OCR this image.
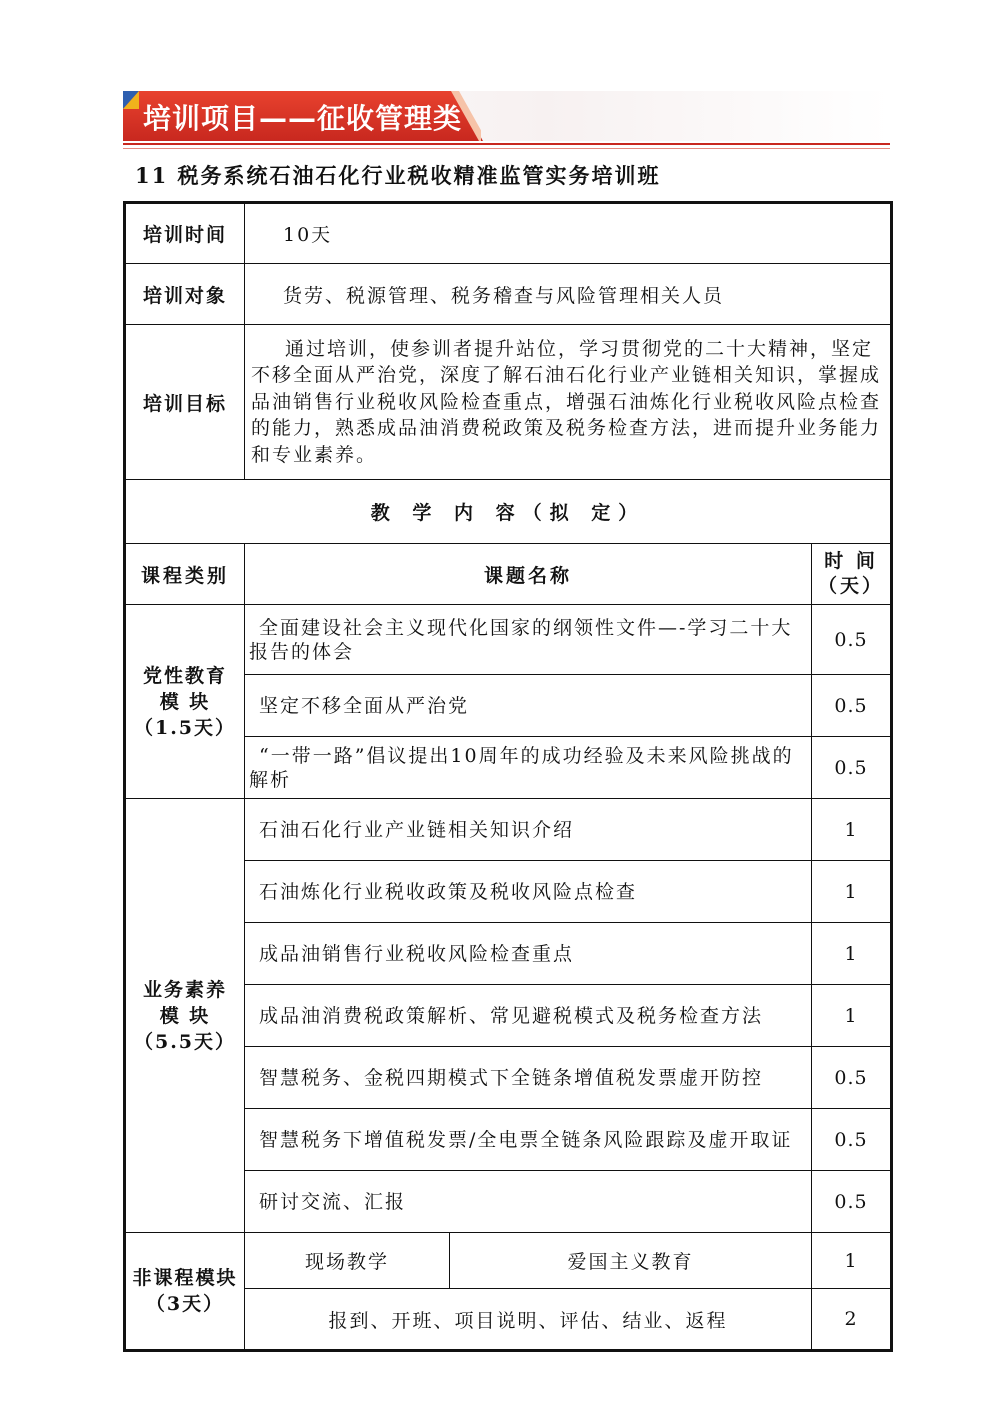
培训项目——征收管理类
11 税务系统石油石化行业税收精准监管实务培训班
培训时间	10天		
培训对象	货劳、税源管理、税务稽查与风险管理相关人员		
培训目标	通过培训，使参训者提升站位，学习贯彻党的二十大精神，坚定不移全面从严治党，深度了解石油石化行业产业链相关知识，掌握成品油销售行业税收风险检查重点，增强石油炼化行业税收风险点检查的能力，熟悉成品油消费税政策及税务检查方法，进而提升业务能力和专业素养。		
教 学 内 容（拟 定）			
课程类别	课题名称		时 间
（天）

党性教育
模 块
（1.5天）	全面建设社会主义现代化国家的纲领性文件—-学习二十大报告的体会		0.5
	坚定不移全面从严治党		0.5
	“一带一路”倡议提出10周年的成功经验及未来风险挑战的解析		0.5

业务素养
模 块
（5.5天）	石油石化行业产业链相关知识介绍		1
	石油炼化行业税收政策及税收风险点检查		1
	成品油销售行业税收风险检查重点		1
	成品油消费税政策解析、常见避税模式及税务检查方法		1
	智慧税务、金税四期模式下全链条增值税发票虚开防控		0.5
	智慧税务下增值税发票/全电票全链条风险跟踪及虚开取证		0.5
	研讨交流、汇报		0.5

非课程模块
（3天）	现场教学	爱国主义教育	1
	报到、开班、项目说明、评估、结业、返程		2
